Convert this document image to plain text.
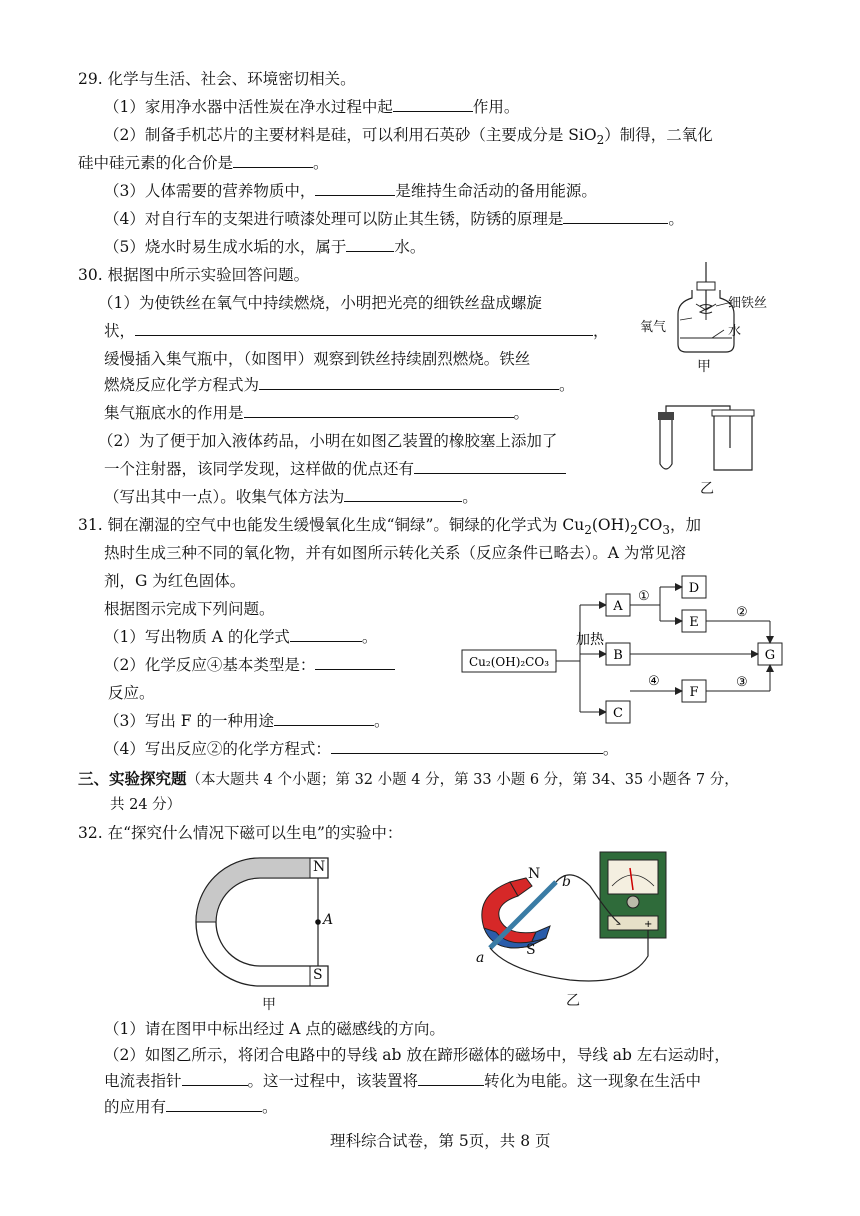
29. 化学与生活、社会、环境密切相关。
（1）家用净水器中活性炭在净水过程中起	作用。
（2）制备手机芯片的主要材料是硅，可以利用石英砂（主要成分是 SiO$_2$）制得，二氧化
硅中硅元素的化合价是	。
（3）人体需要的营养物质中，	是维持生命活动的备用能源。
（4）对自行车的支架进行喷漆处理可以防止其生锈，防锈的原理是	。
（5）烧水时易生成水垢的水，属于	水。
30. 根据图中所示实验回答问题。
（1）为使铁丝在氧气中持续燃烧，小明把光亮的细铁丝盘成螺旋
状，	，
缓慢插入集气瓶中，（如图甲）观察到铁丝持续剧烈燃烧。铁丝
燃烧反应化学方程式为	。
集气瓶底水的作用是	。
（2）为了便于加入液体药品，小明在如图乙装置的橡胶塞上添加了
一个注射器，该同学发现，这样做的优点还有
（写出其中一点）。收集气体方法为	。
细铁丝
氧气	水
甲
乙
31. 铜在潮湿的空气中也能发生缓慢氧化生成“铜绿”。铜绿的化学式为 $Cu_2(OH)_2CO_3$，加
热时生成三种不同的氧化物，并有如图所示转化关系（反应条件已略去）。A 为常见溶
剂，G 为红色固体。
根据图示完成下列问题。
（1）写出物质 A 的化学式	。
（2）化学反应④基本类型是：
反应。
（3）写出 F 的一种用途	。
（4）写出反应②的化学方程式：	。
Cu₂(OH)₂CO₃
加热
A
B
C
D
E
F
G
①
②
④	③
三、实验探究题（本大题共 4 个小题；第 32 小题 4 分，第 33 小题 6 分，第 34、35 小题各 7 分，
共 24 分）
32. 在“探究什么情况下磁可以生电”的实验中：
N
S
A
甲
– +
N
S
a
b
乙
（1）请在图甲中标出经过 A 点的磁感线的方向。
（2）如图乙所示，将闭合电路中的导线 ab 放在蹄形磁体的磁场中，导线 ab 左右运动时，
电流表指针	。这一过程中，该装置将	转化为电能。这一现象在生活中
的应用有	。
理科综合试卷，第 5页，共 8 页
